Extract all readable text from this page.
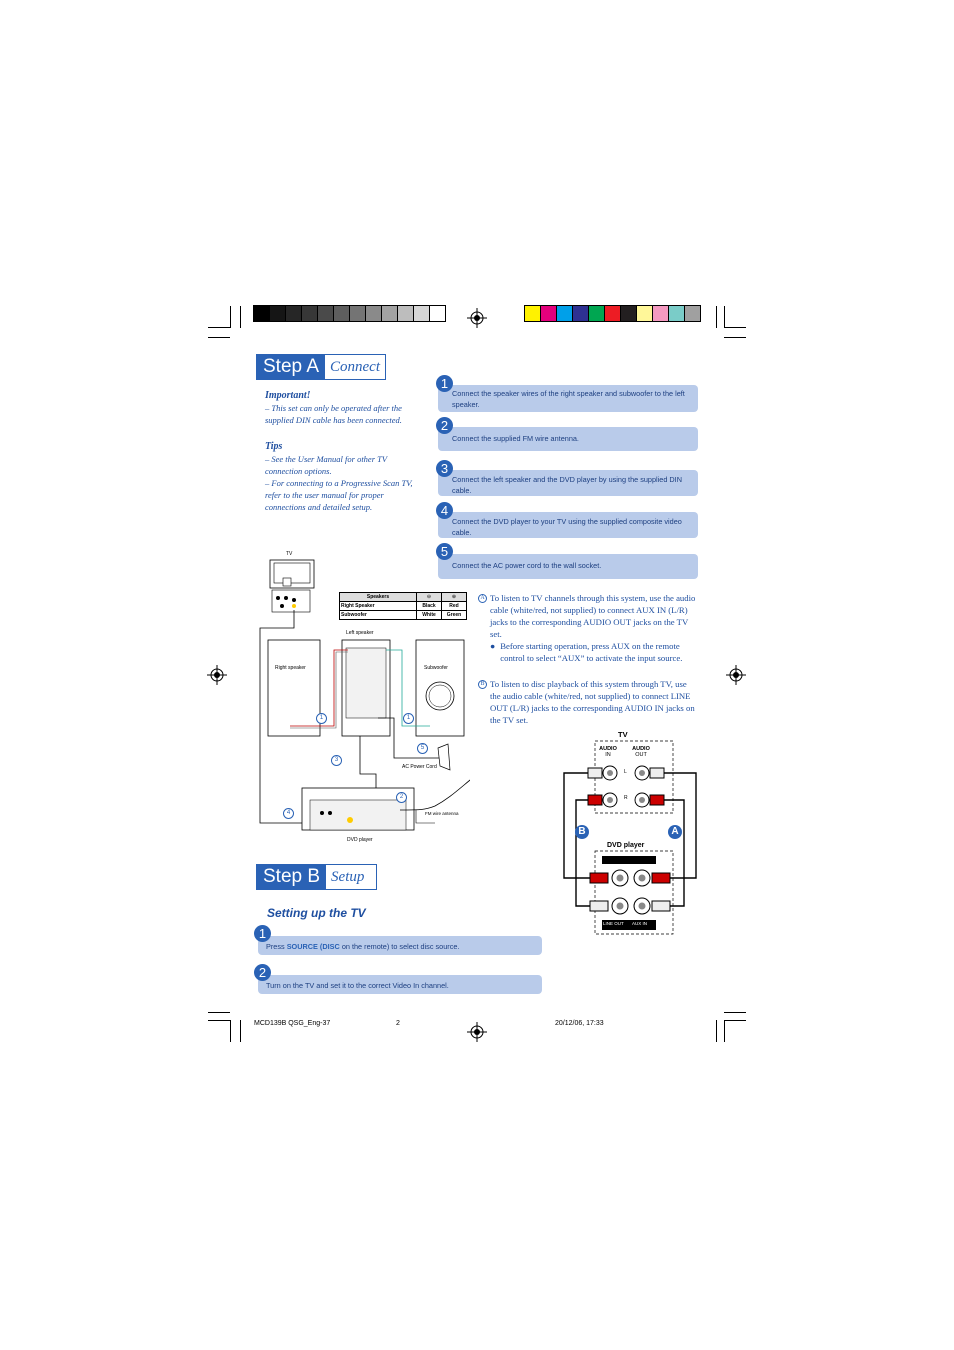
Step A Connect
Important!
– This set can only be operated after the supplied DIN cable has been connected.
Tips
– See the User Manual for other TV connection options.
– For connecting to a Progressive Scan TV, refer to the user manual for proper connections and detailed setup.
Connect the speaker wires of the right speaker and subwoofer to the left speaker.
1
Connect the supplied FM wire antenna.
2
Connect the left speaker and the DVD player by using the supplied DIN cable.
3
Connect the DVD player to your TV using the supplied composite video cable.
4
Connect the AC power cord to the wall socket.
5
TV
Left speaker
Right speaker	Subwoofer
AC Power Cord
FM wire antenna
DVD player
1	1
5
3
2
4
Speakers	⊖	⊕
Right Speaker	Black	Red
Subwoofer	White	Green
A To listen to TV channels through this system, use the audio cable (white/red, not supplied) to connect AUX IN (L/R) jacks to the corresponding AUDIO OUT jacks on the TV set.
● Before starting operation, press AUX on the remote control to select “AUX” to activate the input source.
B To listen to disc playback of this system through TV, use the audio cable (white/red, not supplied) to connect LINE OUT (L/R) jacks to the corresponding AUDIO IN jacks on the TV set.
TV
AUDIO
IN
AUDIO
OUT
L
R
DVD player
LINE OUT AUX IN
B	A
Step B Setup
Setting up the TV
Press SOURCE (DISC on the remote) to select disc source.
1
Turn on the TV and set it to the correct Video In channel.
2
MCD139B QSG_Eng-37	2	20/12/06, 17:33
